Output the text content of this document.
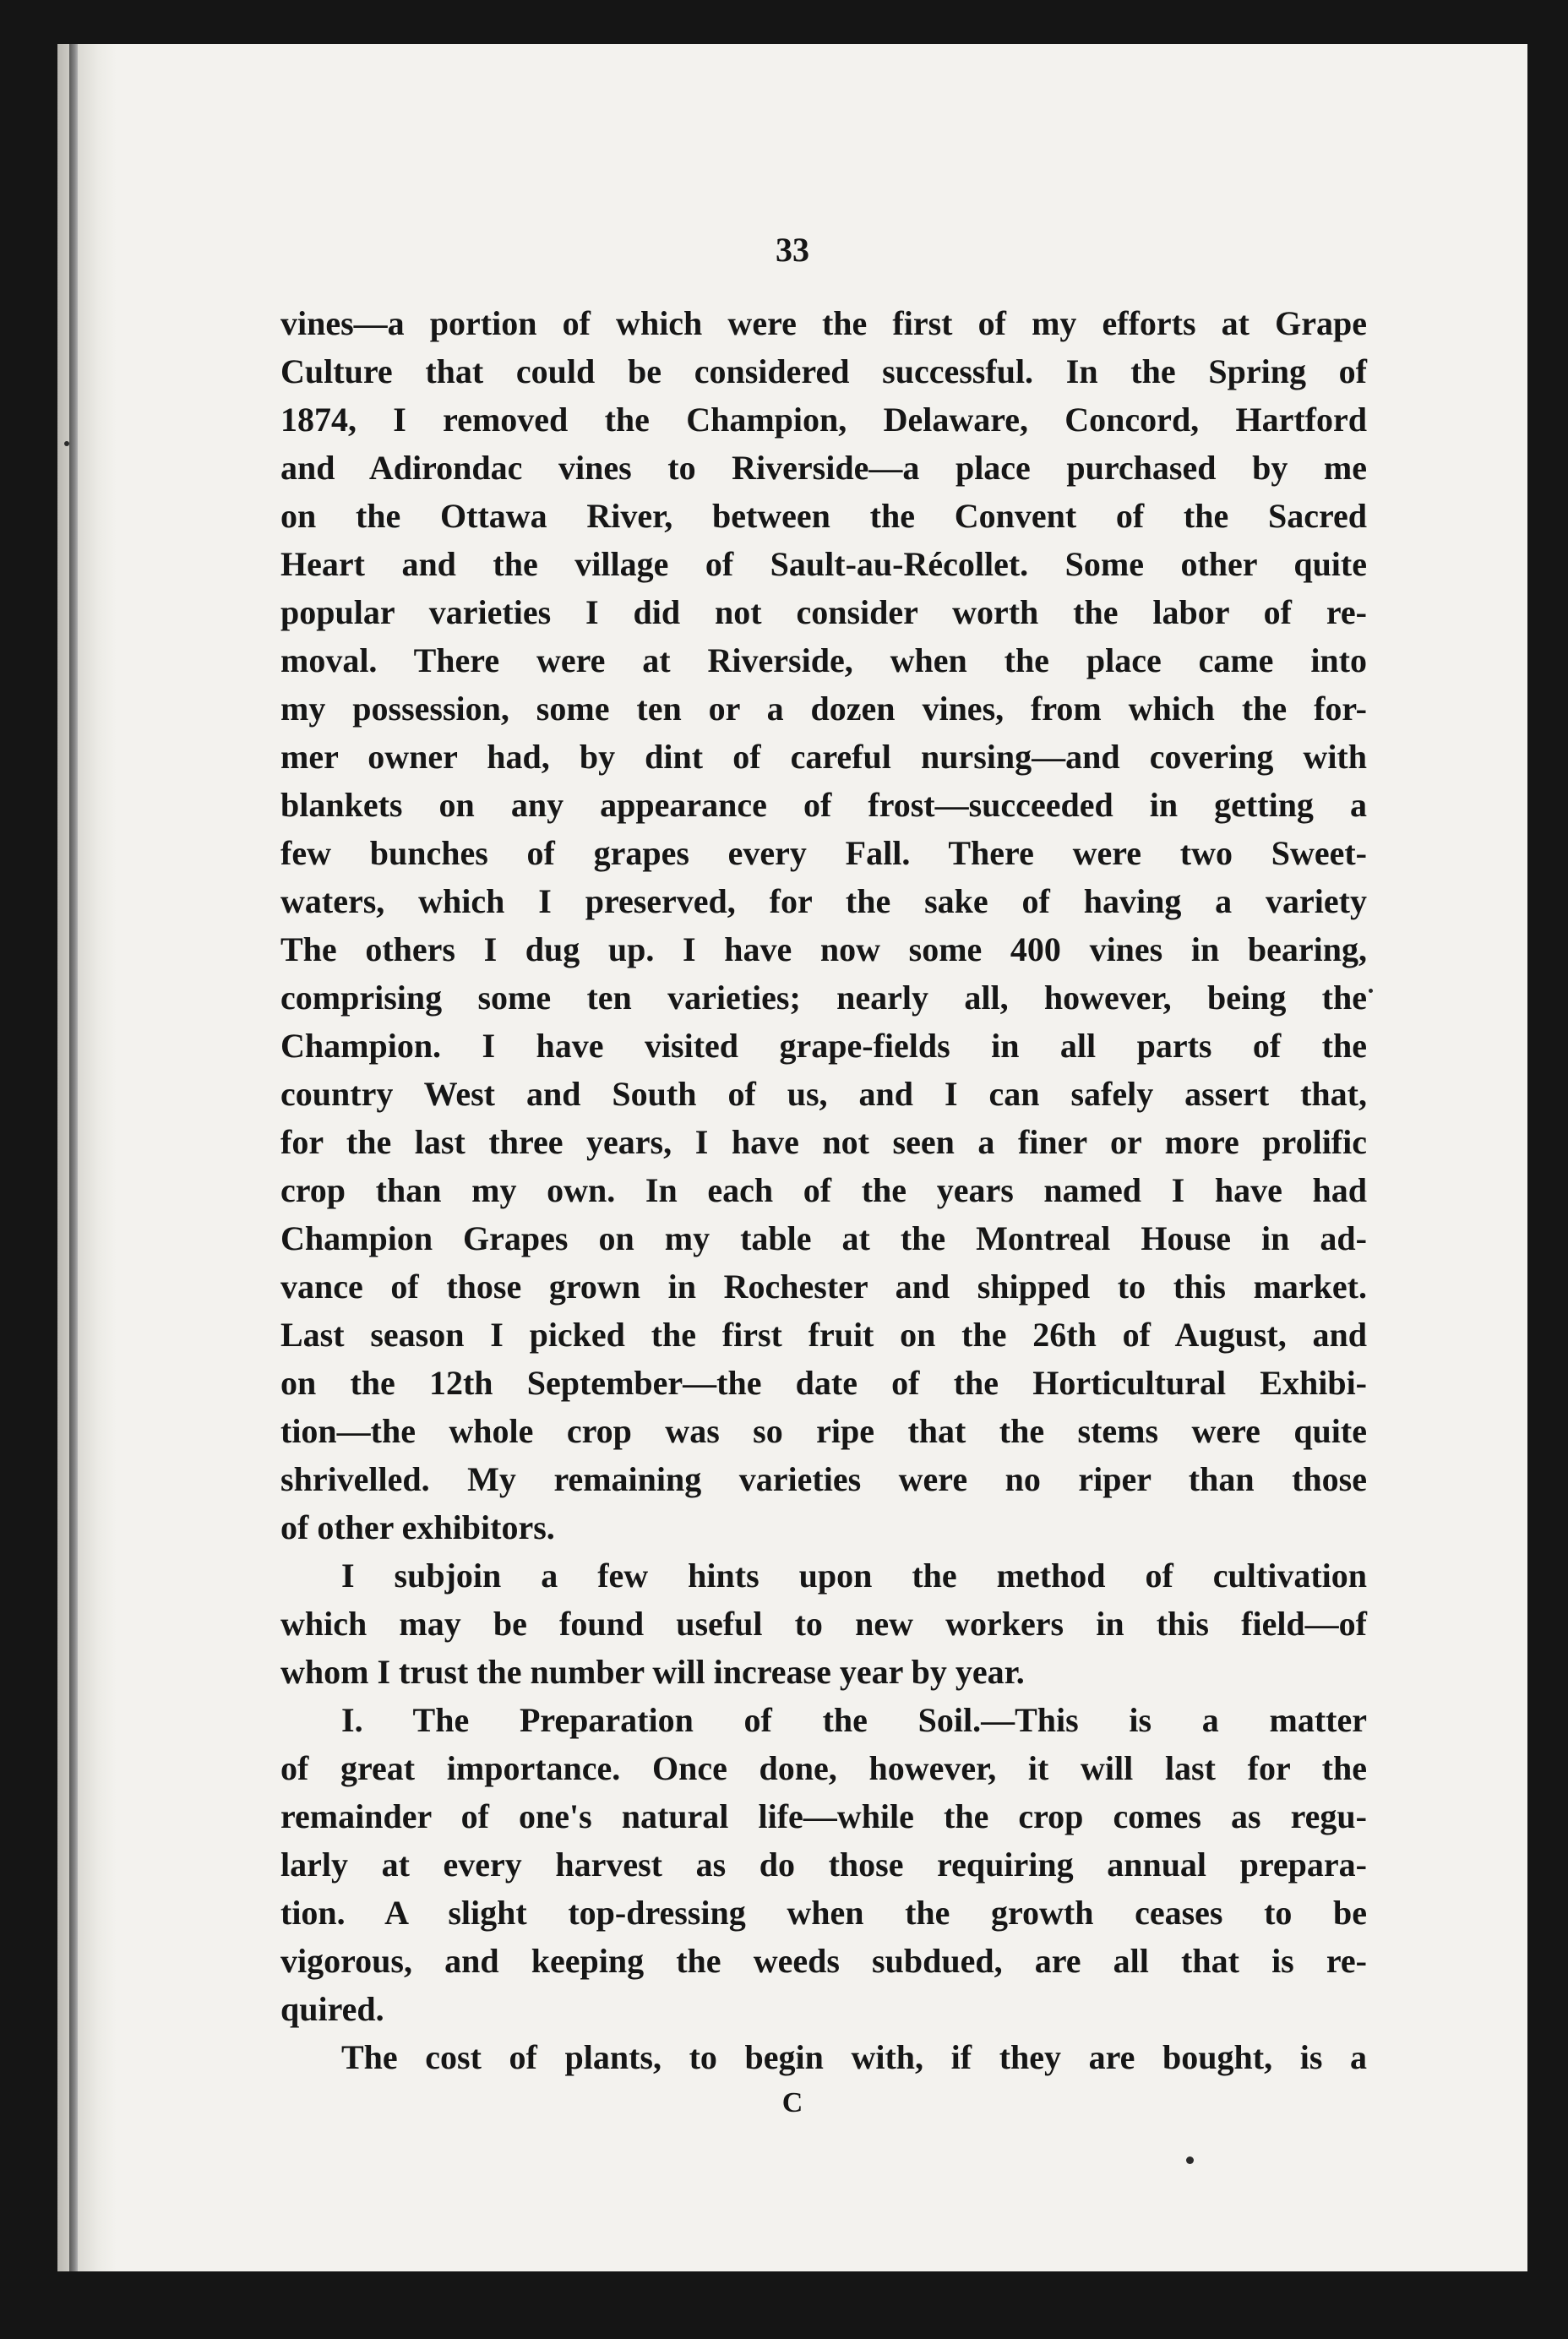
33
vines—a portion of which were the first of my efforts at Grape
Culture that could be considered successful. In the Spring of
1874, I removed the Champion, Delaware, Concord, Hartford
and Adirondac vines to Riverside—a place purchased by me
on the Ottawa River, between the Convent of the Sacred
Heart and the village of Sault-au-Récollet. Some other quite
popular varieties I did not consider worth the labor of re-
moval. There were at Riverside, when the place came into
my possession, some ten or a dozen vines, from which the for-
mer owner had, by dint of careful nursing—and covering with
blankets on any appearance of frost—succeeded in getting a
few bunches of grapes every Fall. There were two Sweet-
waters, which I preserved, for the sake of having a variety
The others I dug up. I have now some 400 vines in bearing,
comprising some ten varieties; nearly all, however, being the
Champion. I have visited grape-fields in all parts of the
country West and South of us, and I can safely assert that,
for the last three years, I have not seen a finer or more prolific
crop than my own. In each of the years named I have had
Champion Grapes on my table at the Montreal House in ad-
vance of those grown in Rochester and shipped to this market.
Last season I picked the first fruit on the 26th of August, and
on the 12th September—the date of the Horticultural Exhibi-
tion—the whole crop was so ripe that the stems were quite
shrivelled. My remaining varieties were no riper than those
of other exhibitors.
I subjoin a few hints upon the method of cultivation
which may be found useful to new workers in this field—of
whom I trust the number will increase year by year.
I. The Preparation of the Soil.—This is a matter
of great importance. Once done, however, it will last for the
remainder of one's natural life—while the crop comes as regu-
larly at every harvest as do those requiring annual prepara-
tion. A slight top-dressing when the growth ceases to be
vigorous, and keeping the weeds subdued, are all that is re-
quired.
The cost of plants, to begin with, if they are bought, is a
C
